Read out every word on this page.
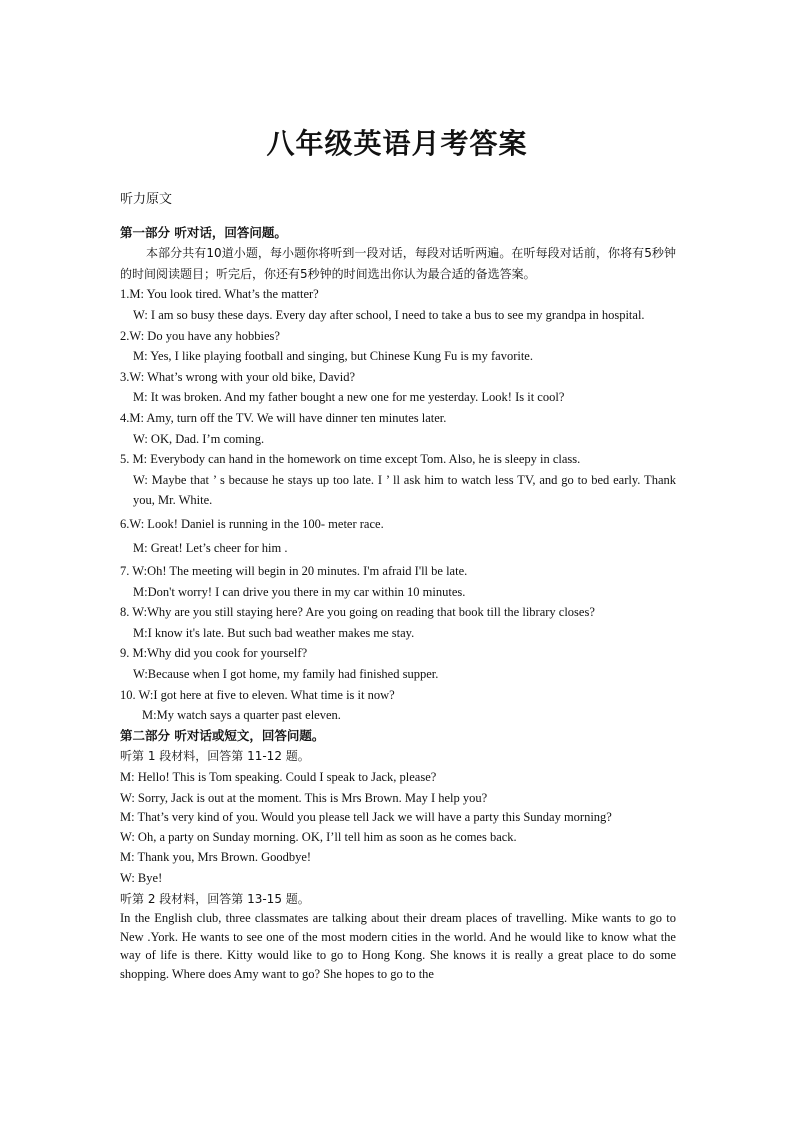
八年级英语月考答案

听力原文

第一部分 听对话，回答问题。

本部分共有10道小题，每小题你将听到一段对话，每段对话听两遍。在听每段对话前，你将有5秒钟的时间阅读题目；听完后，你还有5秒钟的时间选出你认为最合适的备选答案。

1.M: You look tired. What’s the matter?

W: I am so busy these days. Every day after school, I need to take a bus to see my grandpa in hospital.

2.W: Do you have any hobbies?

M: Yes, I like playing football and singing, but Chinese Kung Fu is my favorite.

3.W: What’s wrong with your old bike, David?

M: It was broken. And my father bought a new one for me yesterday. Look! Is it cool?

4.M: Amy, turn off the TV. We will have dinner ten minutes later.

W: OK, Dad. I’m coming.

5. M: Everybody can hand in the homework on time except Tom. Also, he is sleepy in class.

W: Maybe that ’ s because he stays up too late. I ’ ll ask him to watch less TV, and go to bed early. Thank you, Mr. White.

6.W: Look! Daniel is running in the 100- meter race.

M: Great! Let’s cheer for him .

7. W:Oh! The meeting will begin in 20 minutes. I'm afraid I'll be late.

M:Don't worry! I can drive you there in my car within 10 minutes.

8. W:Why are you still staying here? Are you going on reading that book till the library closes?

M:I know it's late. But such bad weather makes me stay.

9. M:Why did you cook for yourself?

W:Because when I got home, my family had finished supper.

10. W:I got here at five to eleven. What time is it now?

M:My watch says a quarter past eleven.

第二部分 听对话或短文，回答问题。

听第 1 段材料，回答第 11-12 题。

M: Hello! This is Tom speaking. Could I speak to Jack, please?

W: Sorry, Jack is out at the moment. This is Mrs Brown. May I help you?

M: That’s very kind of you. Would you please tell Jack we will have a party this Sunday morning?

W: Oh, a party on Sunday morning. OK, I’ll tell him as soon as he comes back.

M: Thank you, Mrs Brown. Goodbye!

W: Bye!

听第 2 段材料，回答第 13-15 题。

In the English club, three classmates are talking about their dream places of travelling. Mike wants to go to New .York. He wants to see one of the most modern cities in the world. And he would like to know what the way of life is there. Kitty would like to go to Hong Kong. She knows it is really a great place to do some shopping. Where does Amy want to go? She hopes to go to the
